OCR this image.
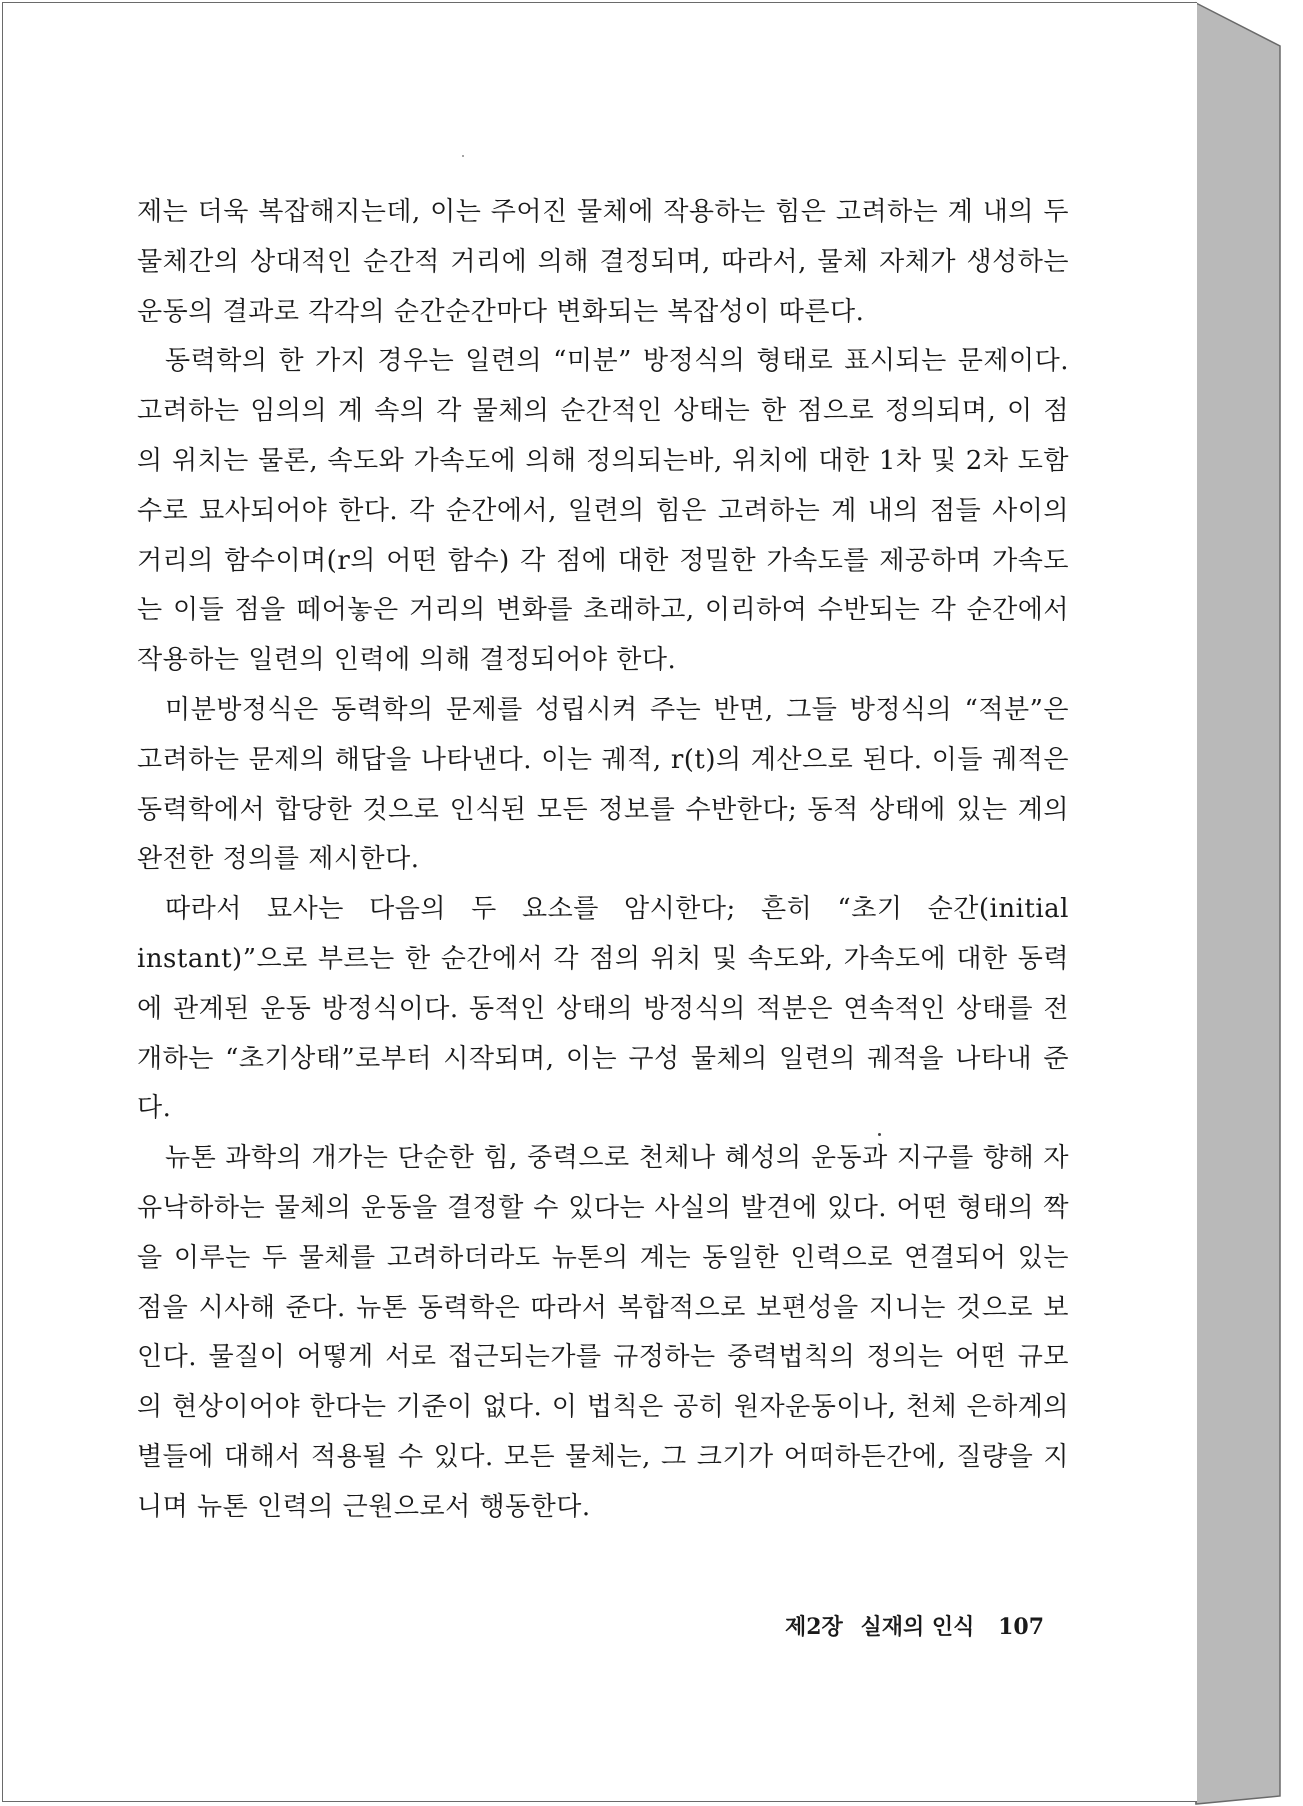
제는 더욱 복잡해지는데, 이는 주어진 물체에 작용하는 힘은 고려하는 계 내의 두 물체간의 상대적인 순간적 거리에 의해 결정되며, 따라서, 물체 자체가 생성하는 운동의 결과로 각각의 순간순간마다 변화되는 복잡성이 따른다.

동력학의 한 가지 경우는 일련의 “미분” 방정식의 형태로 표시되는 문제이다. 고려하는 임의의 계 속의 각 물체의 순간적인 상태는 한 점으로 정의되며, 이 점의 위치는 물론, 속도와 가속도에 의해 정의되는바, 위치에 대한 1차 및 2차 도함수로 묘사되어야 한다. 각 순간에서, 일련의 힘은 고려하는 계 내의 점들 사이의 거리의 함수이며(r의 어떤 함수) 각 점에 대한 정밀한 가속도를 제공하며 가속도는 이들 점을 떼어놓은 거리의 변화를 초래하고, 이리하여 수반되는 각 순간에서 작용하는 일련의 인력에 의해 결정되어야 한다.

미분방정식은 동력학의 문제를 성립시켜 주는 반면, 그들 방정식의 “적분”은 고려하는 문제의 해답을 나타낸다. 이는 궤적, r(t)의 계산으로 된다. 이들 궤적은 동력학에서 합당한 것으로 인식된 모든 정보를 수반한다; 동적 상태에 있는 계의 완전한 정의를 제시한다.

따라서 묘사는 다음의 두 요소를 암시한다; 흔히 “초기 순간(initial instant)”으로 부르는 한 순간에서 각 점의 위치 및 속도와, 가속도에 대한 동력에 관계된 운동 방정식이다. 동적인 상태의 방정식의 적분은 연속적인 상태를 전개하는 “초기상태”로부터 시작되며, 이는 구성 물체의 일련의 궤적을 나타내 준다.

뉴톤 과학의 개가는 단순한 힘, 중력으로 천체나 혜성의 운동과 지구를 향해 자유낙하하는 물체의 운동을 결정할 수 있다는 사실의 발견에 있다. 어떤 형태의 짝을 이루는 두 물체를 고려하더라도 뉴톤의 계는 동일한 인력으로 연결되어 있는 점을 시사해 준다. 뉴톤 동력학은 따라서 복합적으로 보편성을 지니는 것으로 보인다. 물질이 어떻게 서로 접근되는가를 규정하는 중력법칙의 정의는 어떤 규모의 현상이어야 한다는 기준이 없다. 이 법칙은 공히 원자운동이나, 천체 은하계의 별들에 대해서 적용될 수 있다. 모든 물체는, 그 크기가 어떠하든간에, 질량을 지니며 뉴톤 인력의 근원으로서 행동한다.

제2장 실재의 인식 107
